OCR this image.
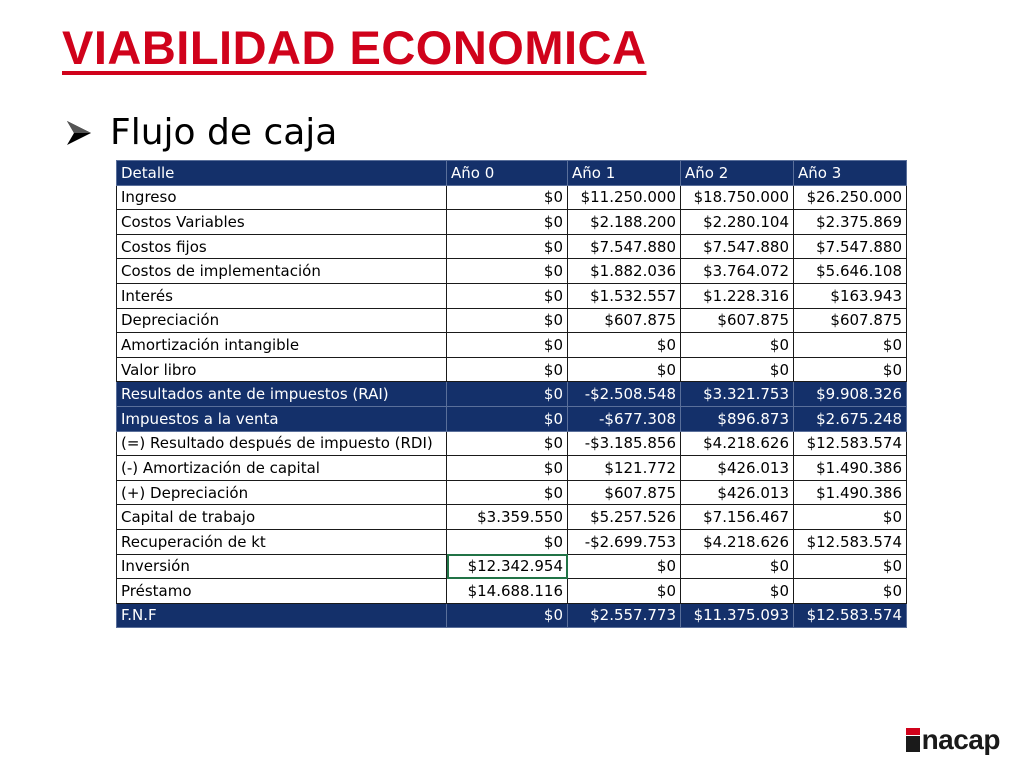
VIABILIDAD ECONOMICA
Flujo de caja
Detalle	Año 0	Año 1	Año 2	Año 3
Ingreso	$0	$11.250.000	$18.750.000	$26.250.000
Costos Variables	$0	$2.188.200	$2.280.104	$2.375.869
Costos fijos	$0	$7.547.880	$7.547.880	$7.547.880
Costos de implementación	$0	$1.882.036	$3.764.072	$5.646.108
Interés	$0	$1.532.557	$1.228.316	$163.943
Depreciación	$0	$607.875	$607.875	$607.875
Amortización intangible	$0	$0	$0	$0
Valor libro	$0	$0	$0	$0
Resultados ante de impuestos (RAI)	$0	-$2.508.548	$3.321.753	$9.908.326
Impuestos a la venta	$0	-$677.308	$896.873	$2.675.248
(=) Resultado después de impuesto (RDI)	$0	-$3.185.856	$4.218.626	$12.583.574
(-) Amortización de capital	$0	$121.772	$426.013	$1.490.386
(+) Depreciación	$0	$607.875	$426.013	$1.490.386
Capital de trabajo	$3.359.550	$5.257.526	$7.156.467	$0
Recuperación de kt	$0	-$2.699.753	$4.218.626	$12.583.574
Inversión	$12.342.954	$0	$0	$0
Préstamo	$14.688.116	$0	$0	$0
F.N.F	$0	$2.557.773	$11.375.093	$12.583.574
nacap
